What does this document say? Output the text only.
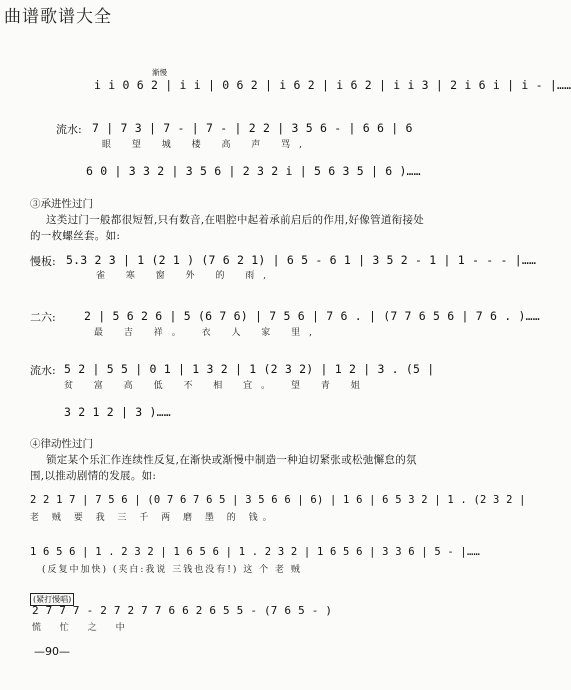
曲谱歌谱大全
渐慢
i i 0 6 2 | i i | 0 6 2 | i 6 2 | i 6 2 | i i 3 | 2 i 6 i | i - |……
流水: 7 | 7 3 | 7 - | 7 - | 2 2 | 3 5 6 - | 6 6 | 6
眼 望 城 楼 高 声 骂,
6 0 | 3 3 2 | 3 5 6 | 2 3 2 i | 5 6 3 5 | 6 )……
③承进性过门
这类过门一般都很短暂,只有数音,在唱腔中起着承前启后的作用,好像管道衔接处
的一枚螺丝套。如:
慢板: 5.3 2 3 | 1 (2 1 ) (7 6 2 1) | 6 5 - 6 1 | 3 5 2 - 1 | 1 - - - |……
雀 寒 窗 外 的 雨,
二六: 2 | 5 6 2 6 | 5 (6 7 6) | 7 5 6 | 7 6 . | (7 7 6 5 6 | 7 6 . )……
最 吉 祥。 衣 人 家 里,
流水: 5 2 | 5 5 | 0 1 | 1 3 2 | 1 (2 3 2) | 1 2 | 3 . (5 |
贫 富 高 低 不 相 宜。 望 青 姐
3 2 1 2 | 3 )……
④律动性过门
锁定某个乐汇作连续性反复,在渐快或渐慢中制造一种迫切紧张或松弛懈怠的氛
围,以推动剧情的发展。如:
2 2 1 7 | 7 5 6 | (0 7 6 7 6 5 | 3 5 6 6 | 6) | 1 6 | 6 5 3 2 | 1 . (2 3 2 |
老 贼 要 我 三 千 两 磨 墨 的 钱。
1 6 5 6 | 1 . 2 3 2 | 1 6 5 6 | 1 . 2 3 2 | 1 6 5 6 | 3 3 6 | 5 - |……
(反复中加快) (夹白:我说 三钱也没有!) 这 个 老 贼
(紧打慢唱)
2 7 7 7 - 2 7 2 7 7 6 6 2 6 5 5 - (7 6 5 - )
慌 忙 之 中
—90—
